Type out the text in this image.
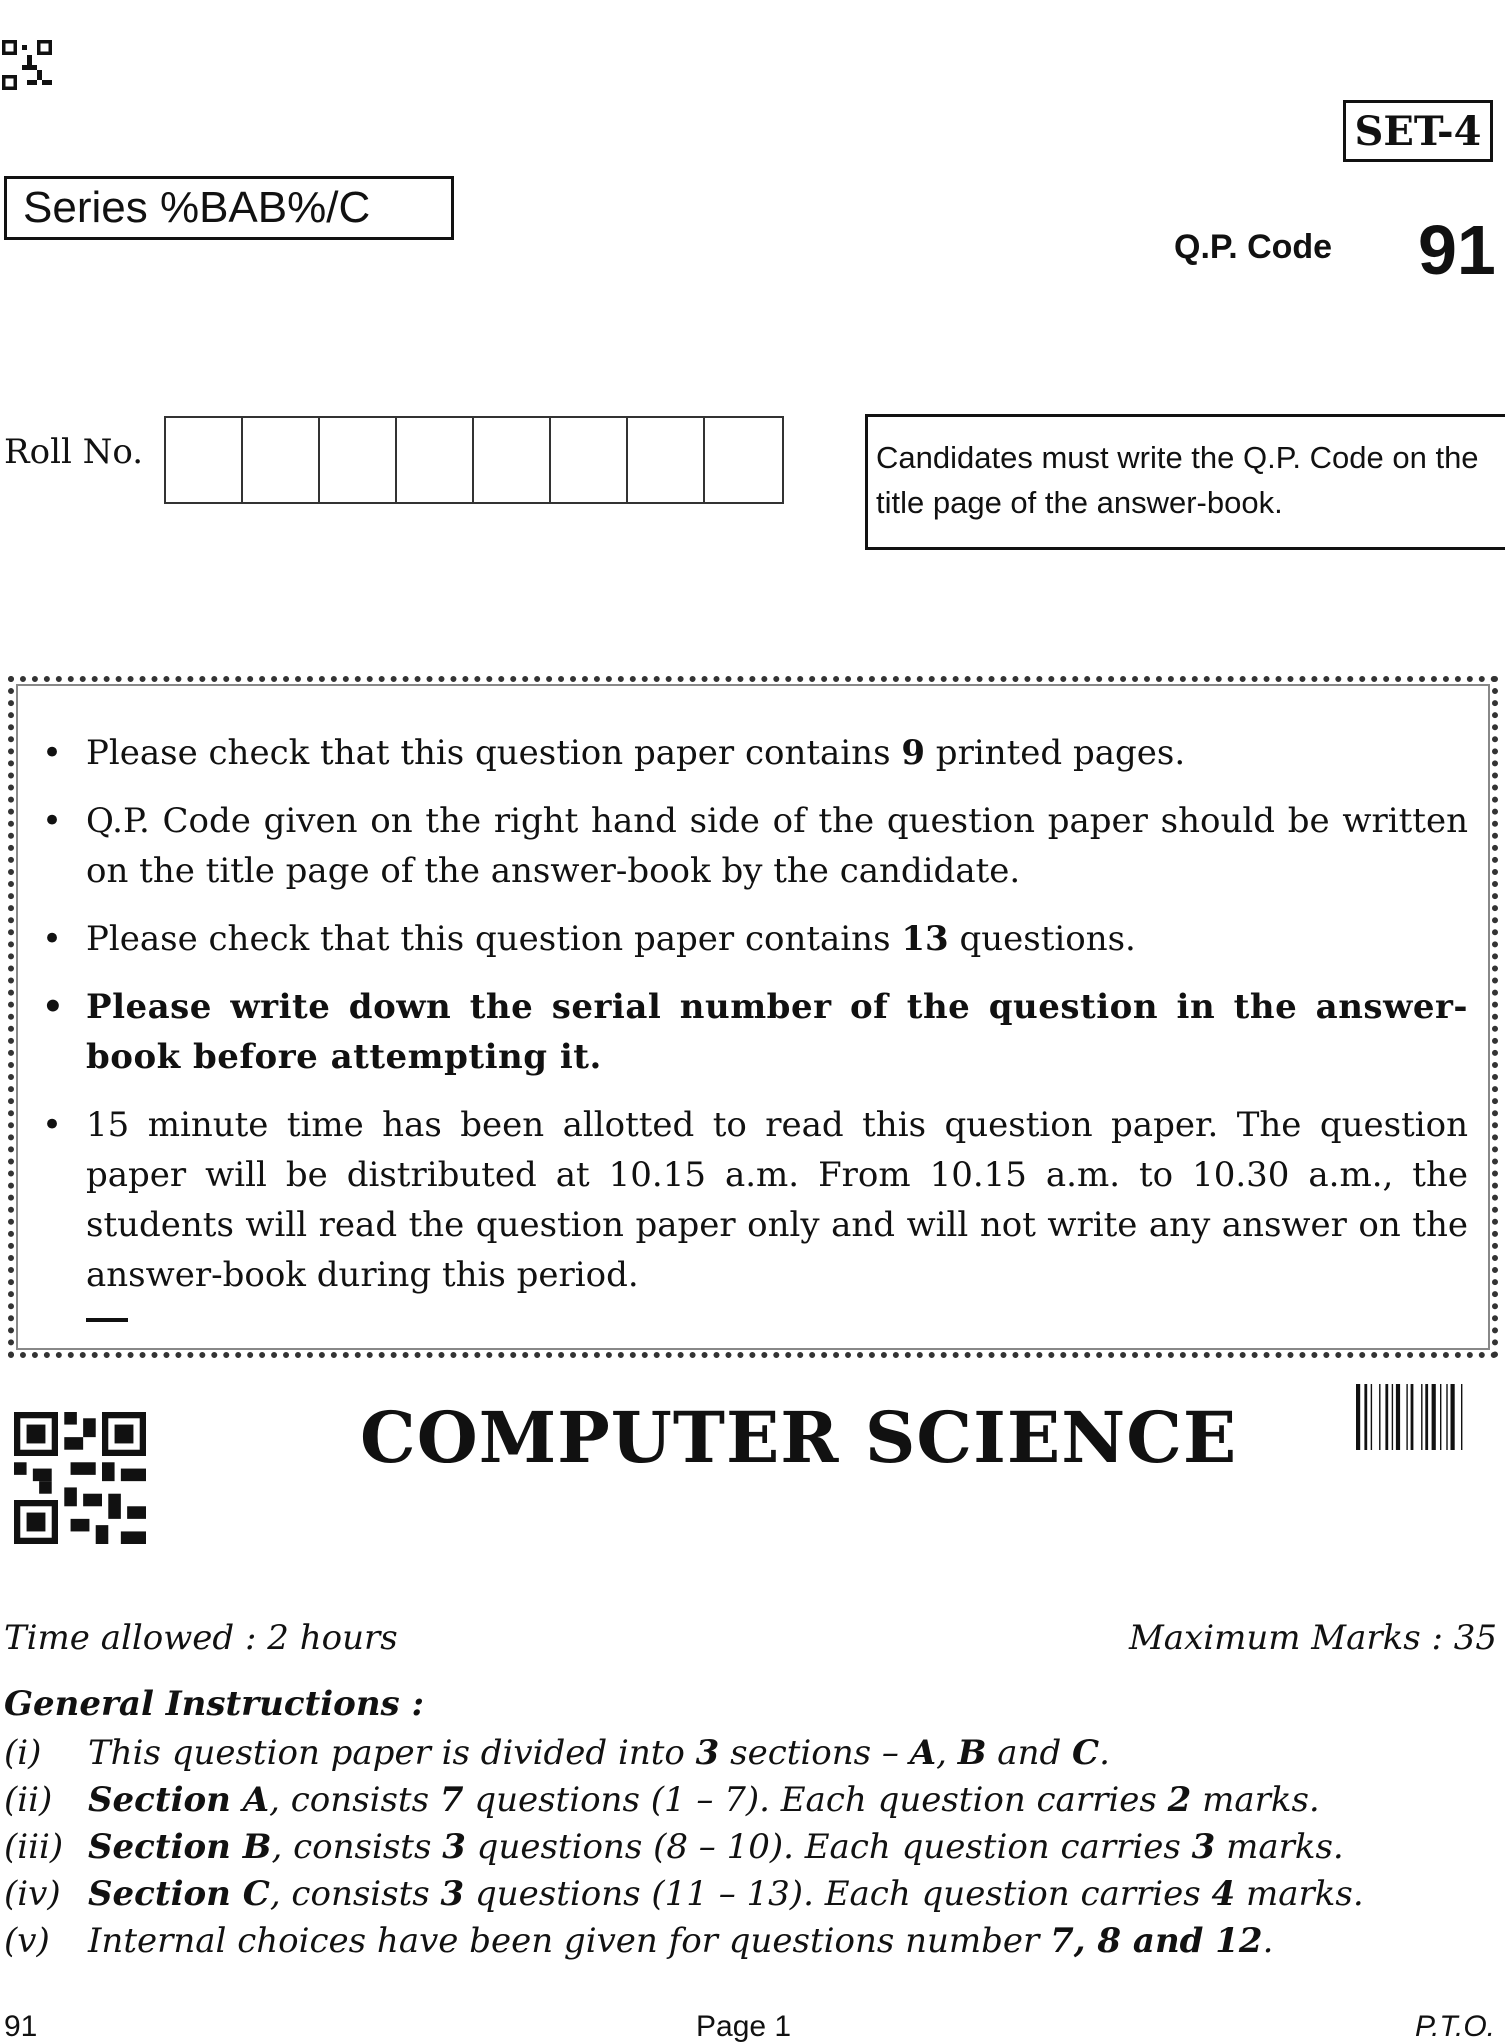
SET-4
Series %BAB%/C
Q.P. Code 91
Roll No.	Candidates must write the Q.P. Code on the title page of the answer-book.
• Please check that this question paper contains 9 printed pages.
• Q.P. Code given on the right hand side of the question paper should be written on the title page of the answer-book by the candidate.
• Please check that this question paper contains 13 questions.
• Please write down the serial number of the question in the answer-book before attempting it.
• 15 minute time has been allotted to read this question paper. The question paper will be distributed at 10.15 a.m. From 10.15 a.m. to 10.30 a.m., the students will read the question paper only and will not write any answer on the answer-book during this period.
COMPUTER SCIENCE
Time allowed : 2 hours	Maximum Marks : 35
General Instructions :
(i)	This question paper is divided into 3 sections – A, B and C.
(ii)	Section A, consists 7 questions (1 – 7). Each question carries 2 marks.
(iii) Section B, consists 3 questions (8 – 10). Each question carries 3 marks.
(iv) Section C, consists 3 questions (11 – 13). Each question carries 4 marks.
(v)	Internal choices have been given for questions number 7, 8 and 12.
91	Page 1	P.T.O.
